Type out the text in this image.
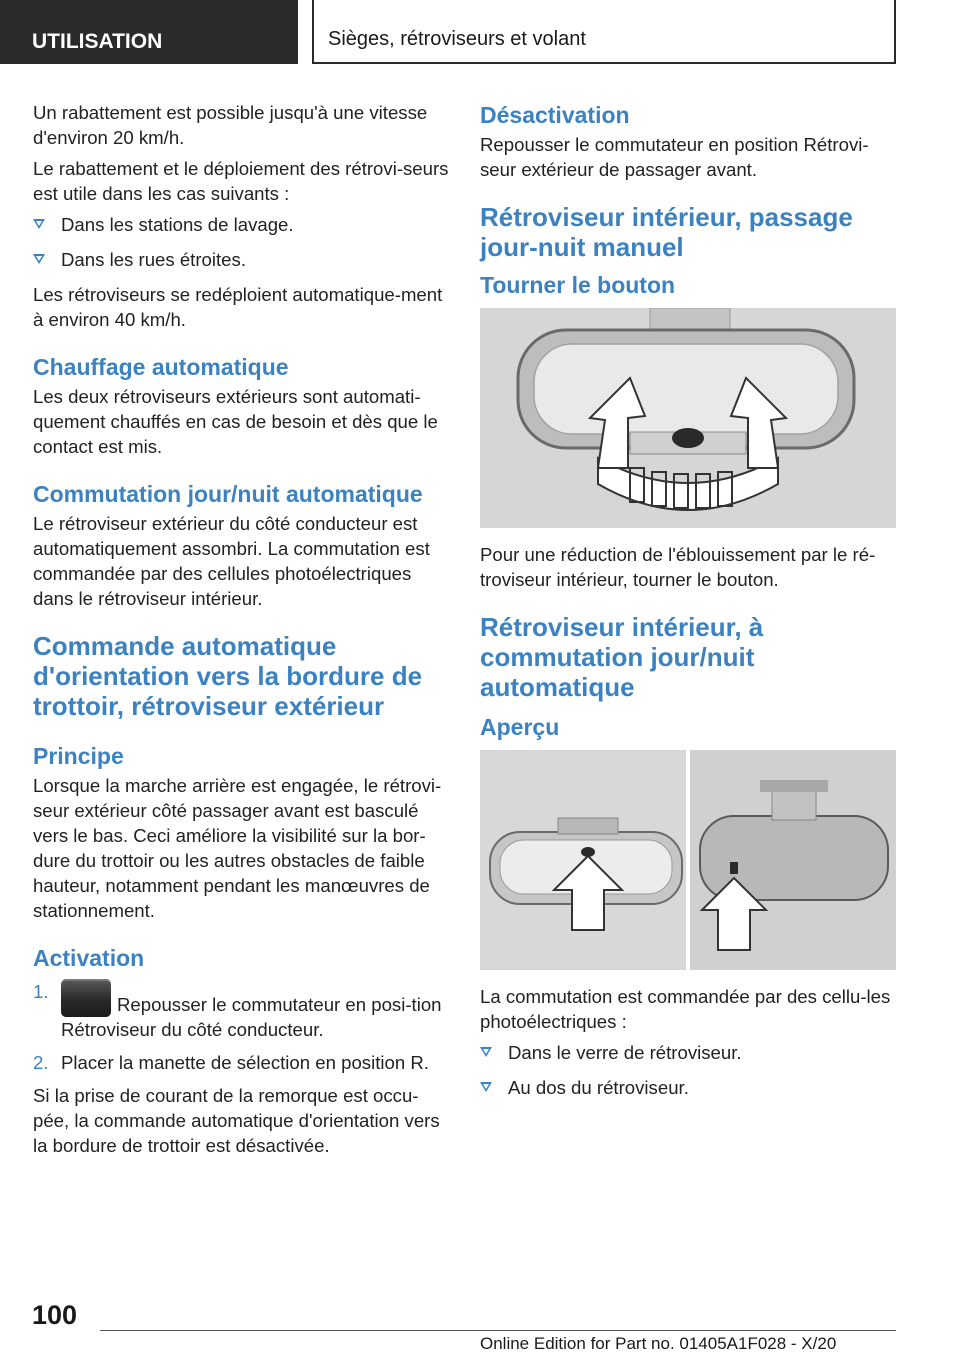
UTILISATION	Sièges, rétroviseurs et volant

Un rabattement est possible jusqu'à une vitesse d'environ 20 km/h.

Le rabattement et le déploiement des rétrovi-seurs est utile dans les cas suivants :

Dans les stations de lavage.
Dans les rues étroites.

Les rétroviseurs se redéploient automatique-ment à environ 40 km/h.

Chauffage automatique

Les deux rétroviseurs extérieurs sont automati-quement chauffés en cas de besoin et dès que le contact est mis.

Commutation jour/nuit automatique

Le rétroviseur extérieur du côté conducteur est automatiquement assombri. La commutation est commandée par des cellules photoélectriques dans le rétroviseur intérieur.

Commande automatique d'orientation vers la bordure de trottoir, rétroviseur extérieur
Principe

Lorsque la marche arrière est engagée, le rétrovi-seur extérieur côté passager avant est basculé vers le bas. Ceci améliore la visibilité sur la bor-dure du trottoir ou les autres obstacles de faible hauteur, notamment pendant les manœuvres de stationnement.

Activation
1.
Repousser le commutateur en posi-tion Rétroviseur du côté conducteur.
2. Placer la manette de sélection en position R.

Si la prise de courant de la remorque est occu-pée, la commande automatique d'orientation vers la bordure de trottoir est désactivée.

Désactivation

Repousser le commutateur en position Rétrovi-seur extérieur de passager avant.

Rétroviseur intérieur, passage jour-nuit manuel
Tourner le bouton

Pour une réduction de l'éblouissement par le ré-troviseur intérieur, tourner le bouton.

Rétroviseur intérieur, à commutation jour/nuit automatique
Aperçu

La commutation est commandée par des cellu-les photoélectriques :

Dans le verre de rétroviseur.
Au dos du rétroviseur.
100
Online Edition for Part no. 01405A1F028 - X/20
